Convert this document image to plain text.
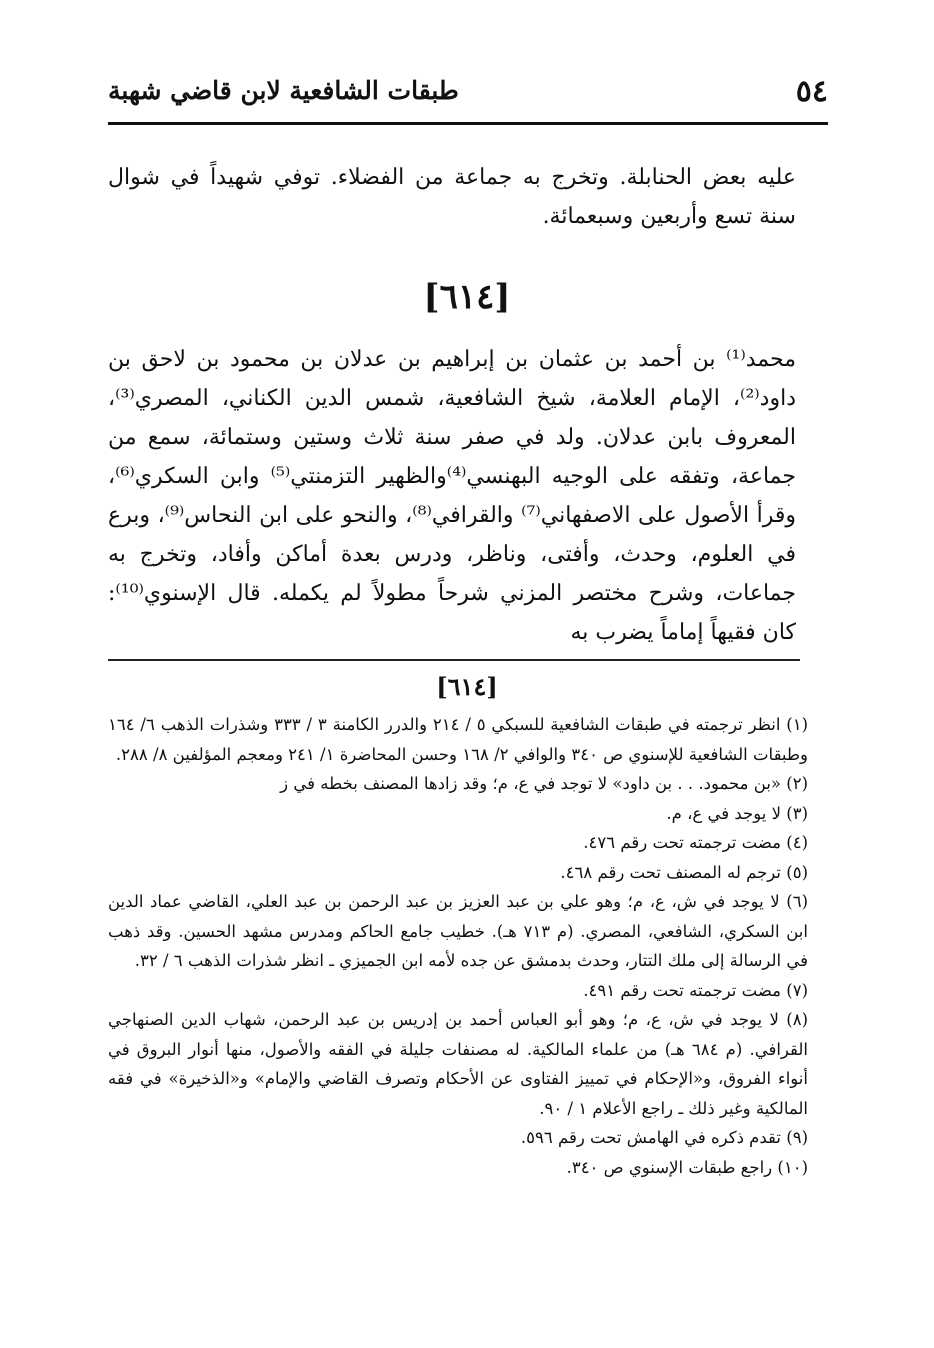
٥٤
طبقات الشافعية لابن قاضي شهبة

عليه بعض الحنابلة. وتخرج به جماعة من الفضلاء. توفي شهيداً في شوال سنة تسع وأربعين وسبعمائة.

[٦١٤]

محمد⁽¹⁾ بن أحمد بن عثمان بن إبراهيم بن عدلان بن محمود بن لاحق بن داود⁽²⁾، الإمام العلامة، شيخ الشافعية، شمس الدين الكناني، المصري⁽³⁾، المعروف بابن عدلان. ولد في صفر سنة ثلاث وستين وستمائة، سمع من جماعة، وتفقه على الوجيه البهنسي⁽⁴⁾والظهير التزمنتي⁽⁵⁾ وابن السكري⁽⁶⁾، وقرأ الأصول على الاصفهاني⁽⁷⁾ والقرافي⁽⁸⁾، والنحو على ابن النحاس⁽⁹⁾، وبرع في العلوم، وحدث، وأفتى، وناظر، ودرس بعدة أماكن وأفاد، وتخرج به جماعات، وشرح مختصر المزني شرحاً مطولاً لم يكمله. قال الإسنوي⁽¹⁰⁾: كان فقيهاً إماماً يضرب به

[٦١٤]
(١) انظر ترجمته في طبقات الشافعية للسبكي ٥ / ٢١٤ والدرر الكامنة ٣ / ٣٣٣ وشذرات الذهب ٦/ ١٦٤ وطبقات الشافعية للإسنوي ص ٣٤٠ والوافي ٢/ ١٦٨ وحسن المحاضرة ١/ ٢٤١ ومعجم المؤلفين ٨/ ٢٨٨.
(٢) «بن محمود. . . بن داود» لا توجد في ع، م؛ وقد زادها المصنف بخطه في ز
(٣) لا يوجد في ع، م.
(٤) مضت ترجمته تحت رقم ٤٧٦.
(٥) ترجم له المصنف تحت رقم ٤٦٨.
(٦) لا يوجد في ش، ع، م؛ وهو علي بن عبد العزيز بن عبد الرحمن بن عبد العلي، القاضي عماد الدين ابن السكري، الشافعي، المصري. (م ٧١٣ هـ). خطيب جامع الحاكم ومدرس مشهد الحسين. وقد ذهب في الرسالة إلى ملك التتار، وحدث بدمشق عن جده لأمه ابن الجميزي ـ انظر شذرات الذهب ٦ / ٣٢.
(٧) مضت ترجمته تحت رقم ٤٩١.
(٨) لا يوجد في ش، ع، م؛ وهو أبو العباس أحمد بن إدريس بن عبد الرحمن، شهاب الدين الصنهاجي القرافي. (م ٦٨٤ هـ) من علماء المالكية. له مصنفات جليلة في الفقه والأصول، منها أنوار البروق في أنواء الفروق، و«الإحكام في تمييز الفتاوى عن الأحكام وتصرف القاضي والإمام» و«الذخيرة» في فقه المالكية وغير ذلك ـ راجع الأعلام ١ / ٩٠.
(٩) تقدم ذكره في الهامش تحت رقم ٥٩٦.
(١٠) راجع طبقات الإسنوي ص ٣٤٠.
